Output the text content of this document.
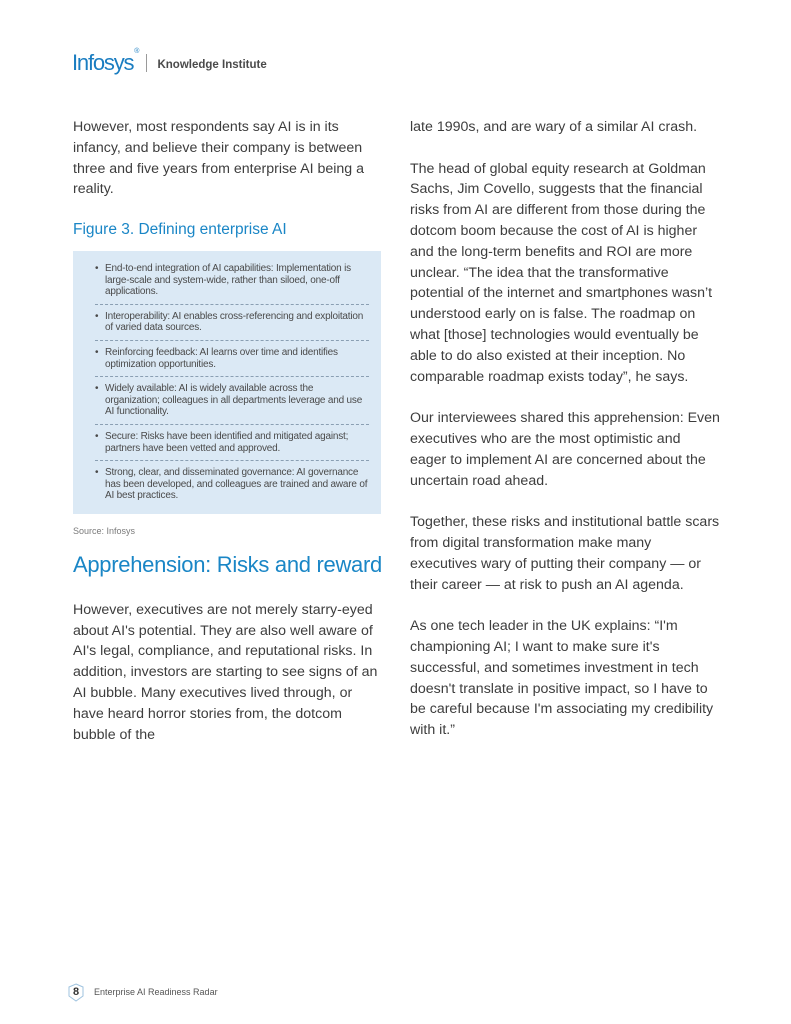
Infosys®
Knowledge Institute

However, most respondents say AI is in its infancy, and believe their company is between three and five years from enterprise AI being a reality.

Figure 3. Defining enterprise AI
• End-to-end integration of AI capabilities: Implementation is large-scale and system-wide, rather than siloed, one-off applications.
• Interoperability: AI enables cross-referencing and exploitation of varied data sources.
• Reinforcing feedback: AI learns over time and identifies optimization opportunities.
• Widely available: AI is widely available across the organization; colleagues in all departments leverage and use AI functionality.
• Secure: Risks have been identified and mitigated against; partners have been vetted and approved.
• Strong, clear, and disseminated governance: AI governance has been developed, and colleagues are trained and aware of AI best practices.
Source: Infosys
Apprehension: Risks and reward

However, executives are not merely starry-eyed about AI's potential. They are also well aware of AI's legal, compliance, and reputational risks. In addition, investors are starting to see signs of an AI bubble. Many executives lived through, or have heard horror stories from, the dotcom bubble of the

late 1990s, and are wary of a similar AI crash.

The head of global equity research at Goldman Sachs, Jim Covello, suggests that the financial risks from AI are different from those during the dotcom boom because the cost of AI is higher and the long-term benefits and ROI are more unclear. “The idea that the transformative potential of the internet and smartphones wasn’t understood early on is false. The roadmap on what [those] technologies would eventually be able to do also existed at their inception. No comparable roadmap exists today”, he says.

Our interviewees shared this apprehension: Even executives who are the most optimistic and eager to implement AI are concerned about the uncertain road ahead.

Together, these risks and institutional battle scars from digital transformation make many executives wary of putting their company — or their career — at risk to push an AI agenda.

As one tech leader in the UK explains: “I'm championing AI; I want to make sure it's successful, and sometimes investment in tech doesn't translate in positive impact, so I have to be careful because I'm associating my credibility with it.”

8 Enterprise AI Readiness Radar
